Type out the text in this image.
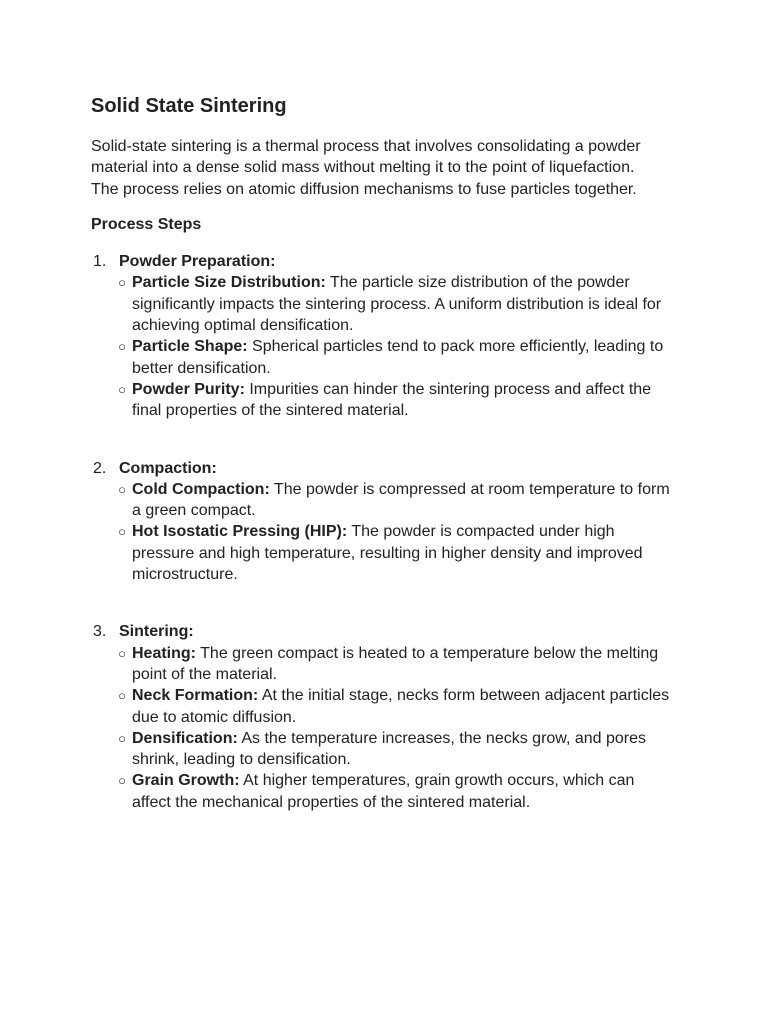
Solid State Sintering

Solid-state sintering is a thermal process that involves consolidating a powder material into a dense solid mass without melting it to the point of liquefaction. The process relies on atomic diffusion mechanisms to fuse particles together.

Process Steps

1. Powder Preparation:
○ Particle Size Distribution: The particle size distribution of the powder significantly impacts the sintering process. A uniform distribution is ideal for achieving optimal densification.
○ Particle Shape: Spherical particles tend to pack more efficiently, leading to better densification.
○ Powder Purity: Impurities can hinder the sintering process and affect the final properties of the sintered material.
2. Compaction:
○ Cold Compaction: The powder is compressed at room temperature to form a green compact.
○ Hot Isostatic Pressing (HIP): The powder is compacted under high pressure and high temperature, resulting in higher density and improved microstructure.
3. Sintering:
○ Heating: The green compact is heated to a temperature below the melting point of the material.
○ Neck Formation: At the initial stage, necks form between adjacent particles due to atomic diffusion.
○ Densification: As the temperature increases, the necks grow, and pores shrink, leading to densification.
○ Grain Growth: At higher temperatures, grain growth occurs, which can affect the mechanical properties of the sintered material.
